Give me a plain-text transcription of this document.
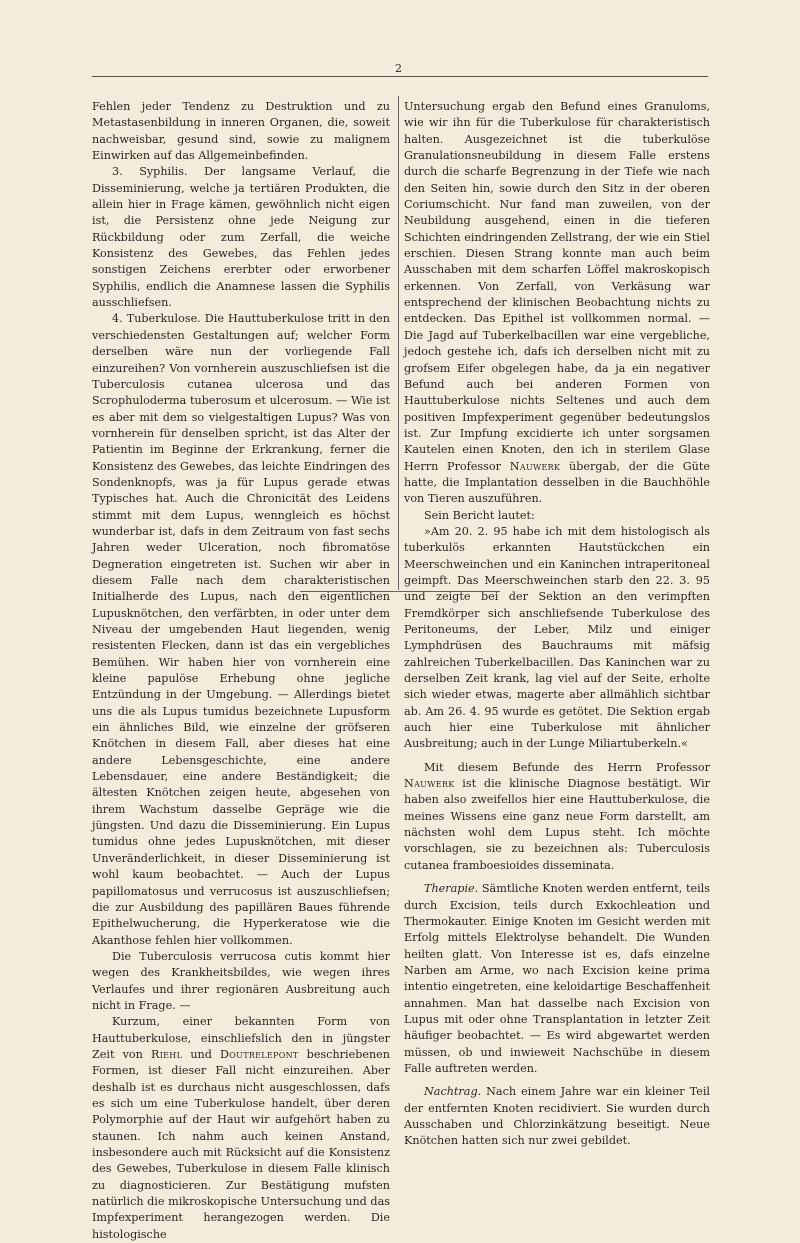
2

Fehlen jeder Tendenz zu Destruktion und zu Metastasenbildung in inneren Organen, die, soweit nachweisbar, gesund sind, sowie zu malignem Einwirken auf das Allgemeinbefinden.

3. Syphilis. Der langsame Verlauf, die Disseminierung, welche ja tertiären Produkten, die allein hier in Frage kämen, gewöhnlich nicht eigen ist, die Persistenz ohne jede Neigung zur Rückbildung oder zum Zerfall, die weiche Konsistenz des Gewebes, das Fehlen jedes sonstigen Zeichens ererbter oder erworbener Syphilis, endlich die Anamnese lassen die Syphilis ausschliefsen.

4. Tuberkulose. Die Hauttuberkulose tritt in den verschiedensten Gestaltungen auf; welcher Form derselben wäre nun der vorliegende Fall einzureihen? Von vornherein auszuschliefsen ist die Tuberculosis cutanea ulcerosa und das Scrophuloderma tuberosum et ulcerosum. — Wie ist es aber mit dem so vielgestaltigen Lupus? Was von vornherein für denselben spricht, ist das Alter der Patientin im Beginne der Erkrankung, ferner die Konsistenz des Gewebes, das leichte Eindringen des Sondenknopfs, was ja für Lupus gerade etwas Typisches hat. Auch die Chronicität des Leidens stimmt mit dem Lupus, wenngleich es höchst wunderbar ist, dafs in dem Zeitraum von fast sechs Jahren weder Ulceration, noch fibromatöse Degneration eingetreten ist. Suchen wir aber in diesem Falle nach dem charakteristischen Initialherde des Lupus, nach den eigentlichen Lupusknötchen, den verfärbten, in oder unter dem Niveau der umgebenden Haut liegenden, wenig resistenten Flecken, dann ist das ein vergebliches Bemühen. Wir haben hier von vornherein eine kleine papulöse Erhebung ohne jegliche Entzündung in der Umgebung. — Allerdings bietet uns die als Lupus tumidus bezeichnete Lupusform ein ähnliches Bild, wie einzelne der gröfseren Knötchen in diesem Fall, aber dieses hat eine andere Lebensgeschichte, eine andere Lebensdauer, eine andere Beständigkeit; die ältesten Knötchen zeigen heute, abgesehen von ihrem Wachstum dasselbe Gepräge wie die jüngsten. Und dazu die Disseminierung. Ein Lupus tumidus ohne jedes Lupusknötchen, mit dieser Unveränderlichkeit, in dieser Disseminierung ist wohl kaum beobachtet. — Auch der Lupus papillomatosus und verrucosus ist auszuschliefsen; die zur Ausbildung des papillären Baues führende Epithelwucherung, die Hyperkeratose wie die Akanthose fehlen hier vollkommen.

Die Tuberculosis verrucosa cutis kommt hier wegen des Krankheitsbildes, wie wegen ihres Verlaufes und ihrer regionären Ausbreitung auch nicht in Frage. —

Kurzum, einer bekannten Form von Hauttuberkulose, einschliefslich den in jüngster Zeit von Riehl und Doutrelepont beschriebenen Formen, ist dieser Fall nicht einzureihen. Aber deshalb ist es durchaus nicht ausgeschlossen, dafs es sich um eine Tuberkulose handelt, über deren Polymorphie auf der Haut wir aufgehört haben zu staunen. Ich nahm auch keinen Anstand, insbesondere auch mit Rücksicht auf die Konsistenz des Gewebes, Tuberkulose in diesem Falle klinisch zu diagnosticieren. Zur Bestätigung mufsten natürlich die mikroskopische Untersuchung und das Impfexperiment herangezogen werden. Die histologische

Untersuchung ergab den Befund eines Granuloms, wie wir ihn für die Tuberkulose für charakteristisch halten. Ausgezeichnet ist die tuberkulöse Granulationsneubildung in diesem Falle erstens durch die scharfe Begrenzung in der Tiefe wie nach den Seiten hin, sowie durch den Sitz in der oberen Coriumschicht. Nur fand man zuweilen, von der Neubildung ausgehend, einen in die tieferen Schichten eindringenden Zellstrang, der wie ein Stiel erschien. Diesen Strang konnte man auch beim Ausschaben mit dem scharfen Löffel makroskopisch erkennen. Von Zerfall, von Verkäsung war entsprechend der klinischen Beobachtung nichts zu entdecken. Das Epithel ist vollkommen normal. — Die Jagd auf Tuberkelbacillen war eine vergebliche, jedoch gestehe ich, dafs ich derselben nicht mit zu grofsem Eifer obgelegen habe, da ja ein negativer Befund auch bei anderen Formen von Hauttuberkulose nichts Seltenes und auch dem positiven Impfexperiment gegenüber bedeutungslos ist. Zur Impfung excidierte ich unter sorgsamen Kautelen einen Knoten, den ich in sterilem Glase Herrn Professor Nauwerk übergab, der die Güte hatte, die Implantation desselben in die Bauchhöhle von Tieren auszuführen.

Sein Bericht lautet:

»Am 20. 2. 95 habe ich mit dem histologisch als tuberkulös erkannten Hautstückchen ein Meerschweinchen und ein Kaninchen intraperitoneal geimpft. Das Meerschweinchen starb den 22. 3. 95 und zeigte bei der Sektion an den verimpften Fremdkörper sich anschliefsende Tuberkulose des Peritoneums, der Leber, Milz und einiger Lymphdrüsen des Bauchraums mit mäfsig zahlreichen Tuberkelbacillen. Das Kaninchen war zu derselben Zeit krank, lag viel auf der Seite, erholte sich wieder etwas, magerte aber allmählich sichtbar ab. Am 26. 4. 95 wurde es getötet. Die Sektion ergab auch hier eine Tuberkulose mit ähnlicher Ausbreitung; auch in der Lunge Miliartuberkeln.«

Mit diesem Befunde des Herrn Professor Nauwerk ist die klinische Diagnose bestätigt. Wir haben also zweifellos hier eine Hauttuberkulose, die meines Wissens eine ganz neue Form darstellt, am nächsten wohl dem Lupus steht. Ich möchte vorschlagen, sie zu bezeichnen als: Tuberculosis cutanea framboesioides disseminata.

Therapie. Sämtliche Knoten werden entfernt, teils durch Excision, teils durch Exkochleation und Thermokauter. Einige Knoten im Gesicht werden mit Erfolg mittels Elektrolyse behandelt. Die Wunden heilten glatt. Von Interesse ist es, dafs einzelne Narben am Arme, wo nach Excision keine prima intentio eingetreten, eine keloidartige Beschaffenheit annahmen. Man hat dasselbe nach Excision von Lupus mit oder ohne Transplantation in letzter Zeit häufiger beobachtet. — Es wird abgewartet werden müssen, ob und inwieweit Nachschübe in diesem Falle auftreten werden.

Nachtrag. Nach einem Jahre war ein kleiner Teil der entfernten Knoten recidiviert. Sie wurden durch Ausschaben und Chlorzinkätzung beseitigt. Neue Knötchen hatten sich nur zwei gebildet.
